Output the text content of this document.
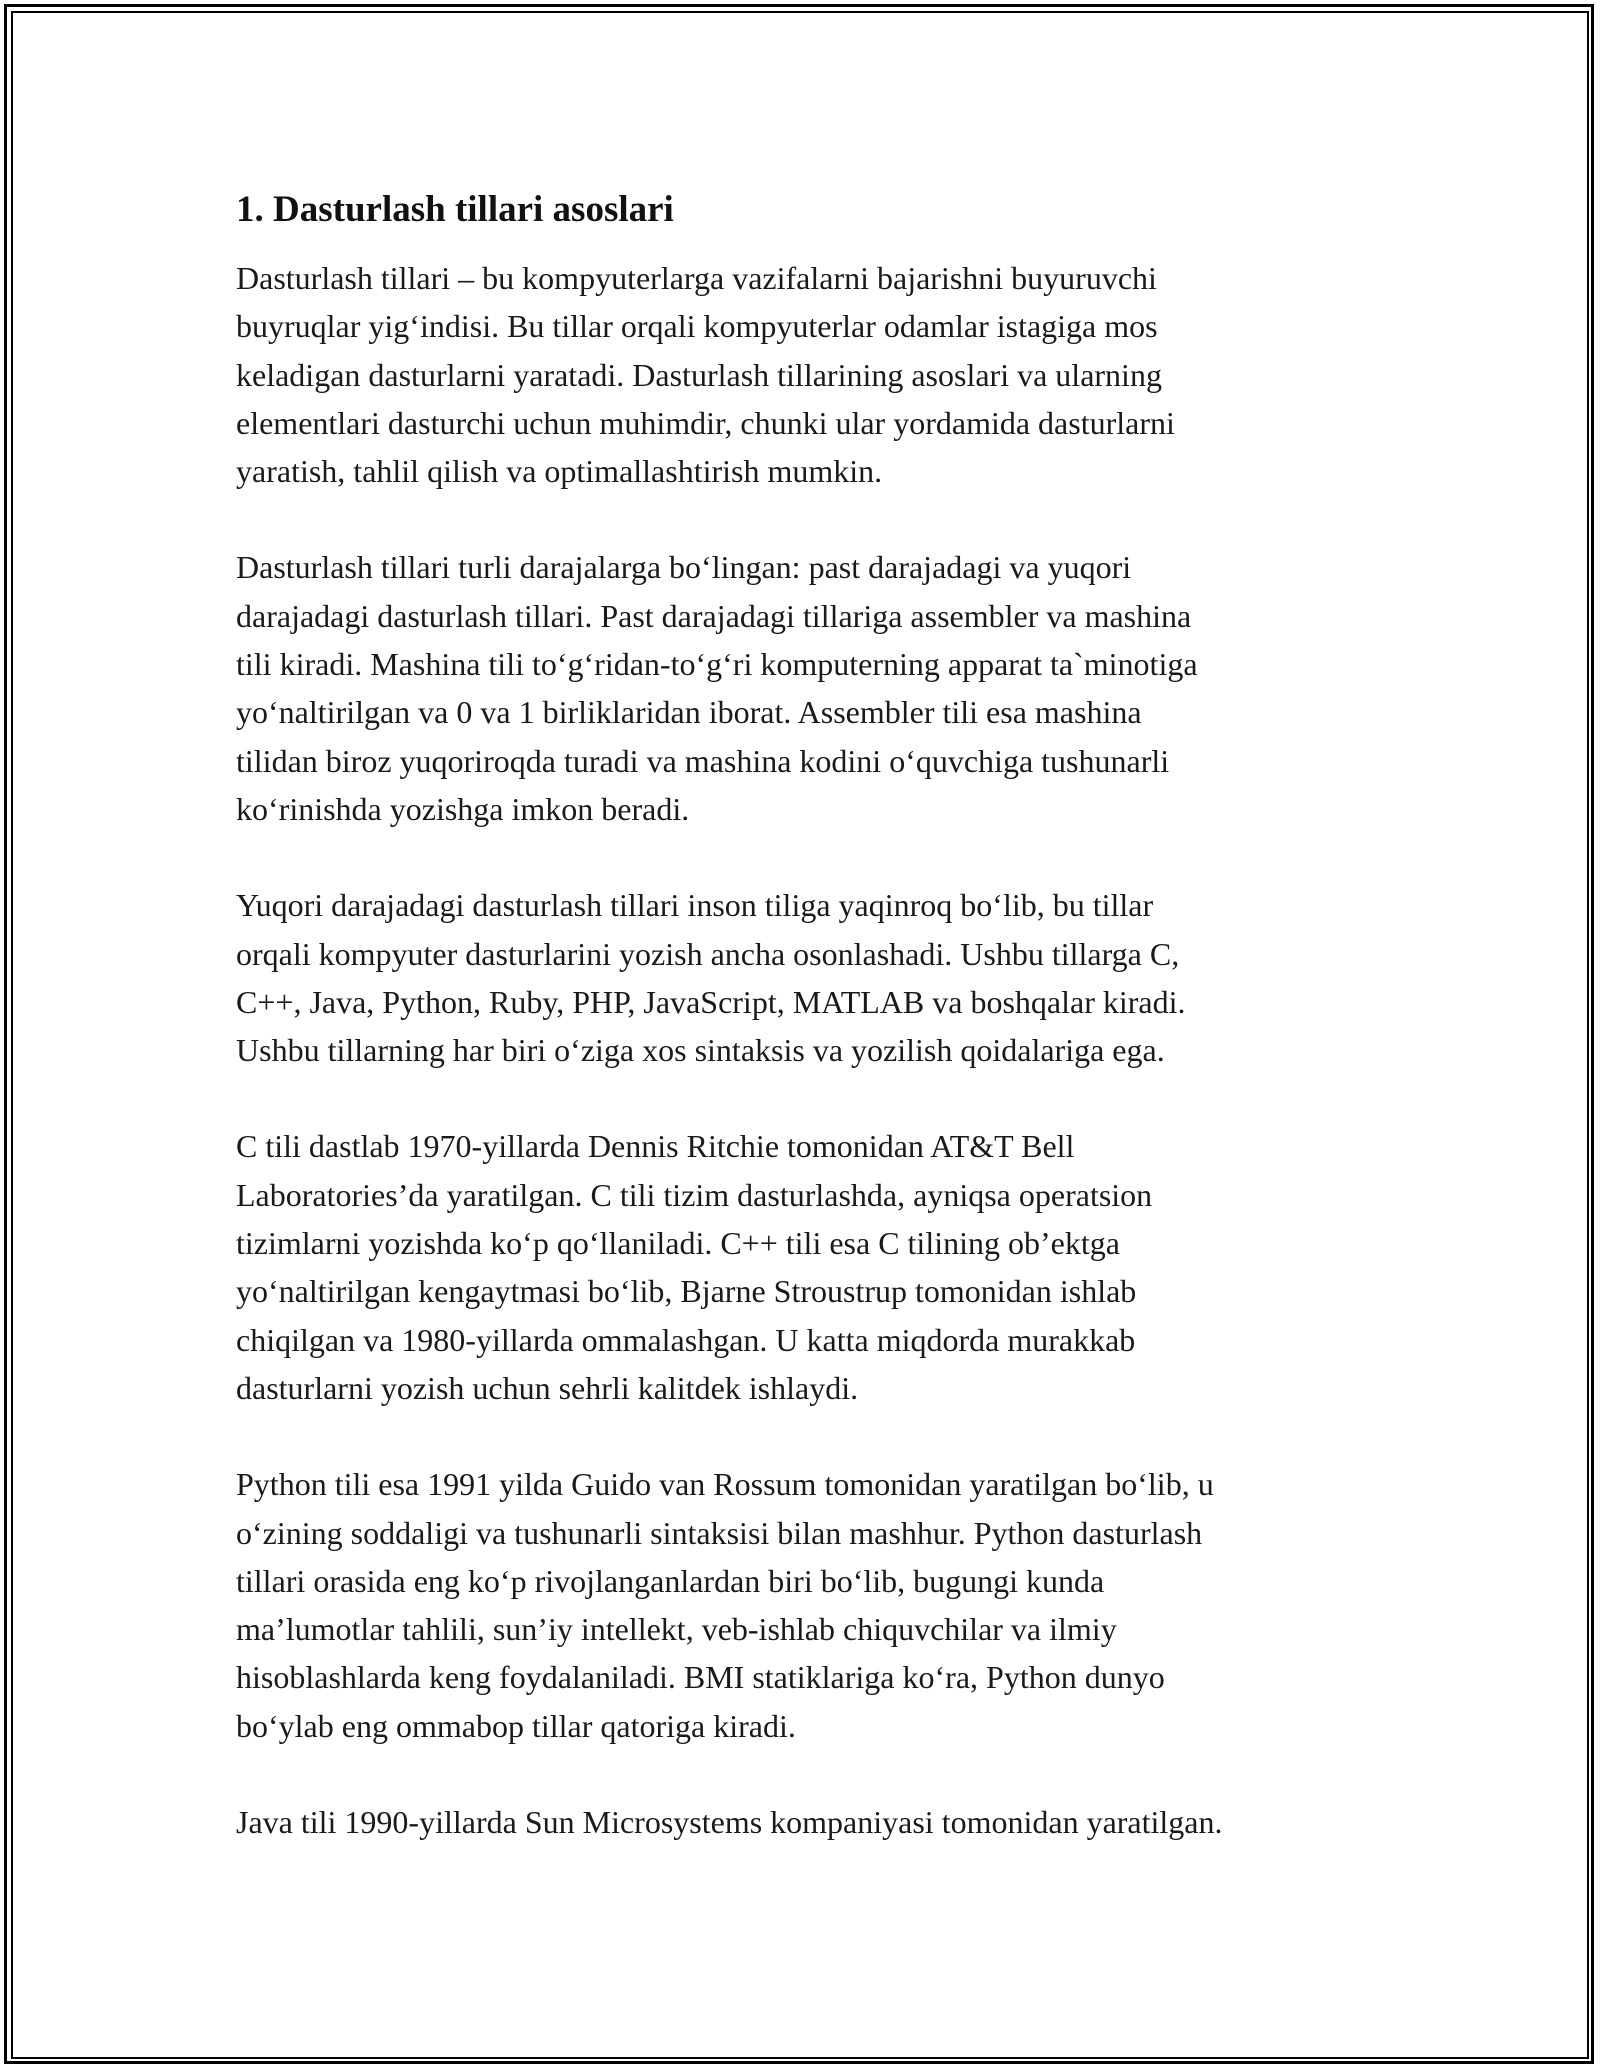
1. Dasturlash tillari asoslari

Dasturlash tillari – bu kompyuterlarga vazifalarni bajarishni buyuruvchi
buyruqlar yig‘indisi. Bu tillar orqali kompyuterlar odamlar istagiga mos
keladigan dasturlarni yaratadi. Dasturlash tillarining asoslari va ularning
elementlari dasturchi uchun muhimdir, chunki ular yordamida dasturlarni
yaratish, tahlil qilish va optimallashtirish mumkin.

Dasturlash tillari turli darajalarga bo‘lingan: past darajadagi va yuqori
darajadagi dasturlash tillari. Past darajadagi tillariga assembler va mashina
tili kiradi. Mashina tili to‘g‘ridan-to‘g‘ri komputerning apparat ta`minotiga
yo‘naltirilgan va 0 va 1 birliklaridan iborat. Assembler tili esa mashina
tilidan biroz yuqoriroqda turadi va mashina kodini o‘quvchiga tushunarli
ko‘rinishda yozishga imkon beradi.

Yuqori darajadagi dasturlash tillari inson tiliga yaqinroq bo‘lib, bu tillar
orqali kompyuter dasturlarini yozish ancha osonlashadi. Ushbu tillarga C,
C++, Java, Python, Ruby, PHP, JavaScript, MATLAB va boshqalar kiradi.
Ushbu tillarning har biri o‘ziga xos sintaksis va yozilish qoidalariga ega.

C tili dastlab 1970-yillarda Dennis Ritchie tomonidan AT&T Bell
Laboratories’da yaratilgan. C tili tizim dasturlashda, ayniqsa operatsion
tizimlarni yozishda ko‘p qo‘llaniladi. C++ tili esa C tilining ob’ektga
yo‘naltirilgan kengaytmasi bo‘lib, Bjarne Stroustrup tomonidan ishlab
chiqilgan va 1980-yillarda ommalashgan. U katta miqdorda murakkab
dasturlarni yozish uchun sehrli kalitdek ishlaydi.

Python tili esa 1991 yilda Guido van Rossum tomonidan yaratilgan bo‘lib, u
o‘zining soddaligi va tushunarli sintaksisi bilan mashhur. Python dasturlash
tillari orasida eng ko‘p rivojlanganlardan biri bo‘lib, bugungi kunda
ma’lumotlar tahlili, sun’iy intellekt, veb-ishlab chiquvchilar va ilmiy
hisoblashlarda keng foydalaniladi. BMI statiklariga ko‘ra, Python dunyo
bo‘ylab eng ommabop tillar qatoriga kiradi.

Java tili 1990-yillarda Sun Microsystems kompaniyasi tomonidan yaratilgan.
